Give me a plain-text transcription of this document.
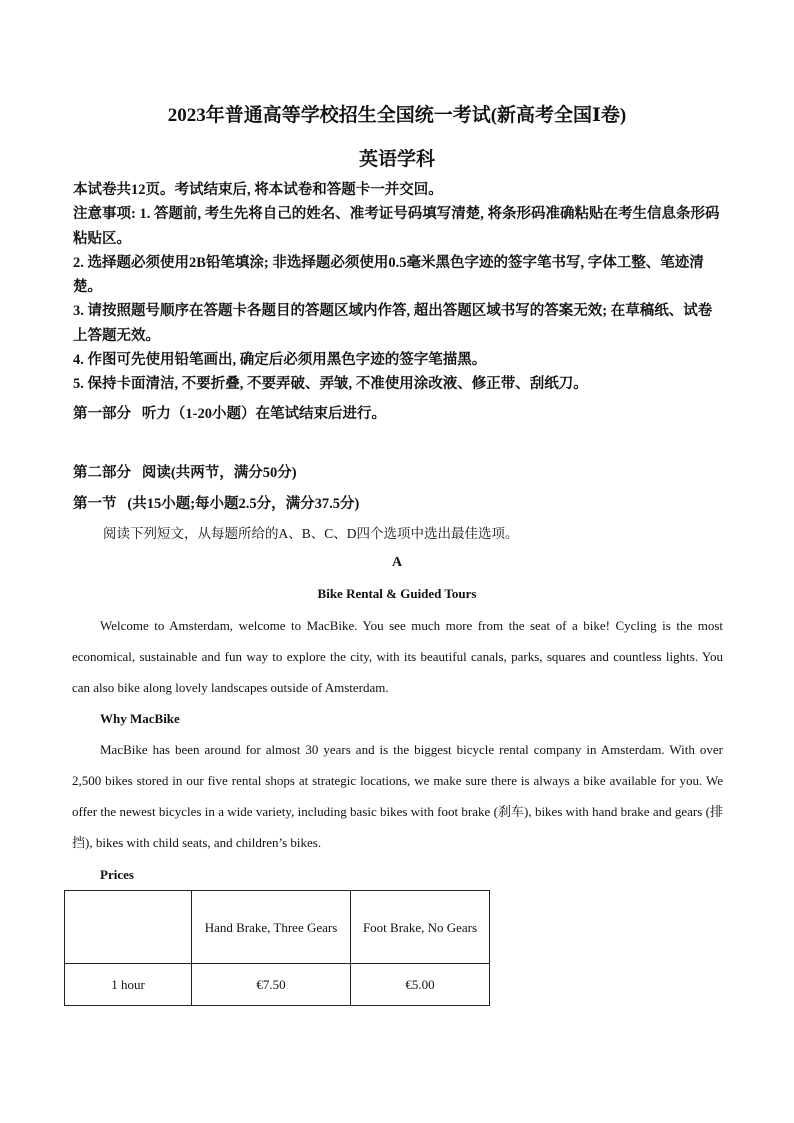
2023年普通高等学校招生全国统一考试(新高考全国Ⅰ卷)
英语学科

本试卷共12页。考试结束后, 将本试卷和答题卡一并交回。

注意事项: 1. 答题前, 考生先将自己的姓名、准考证号码填写清楚, 将条形码准确粘贴在考生信息条形码粘贴区。

2. 选择题必须使用2B铅笔填涂; 非选择题必须使用0.5毫米黑色字迹的签字笔书写, 字体工整、笔迹清楚。

3. 请按照题号顺序在答题卡各题目的答题区域内作答, 超出答题区域书写的答案无效; 在草稿纸、试卷上答题无效。

4. 作图可先使用铅笔画出, 确定后必须用黑色字迹的签字笔描黑。

5. 保持卡面清洁, 不要折叠, 不要弄破、弄皱, 不准使用涂改液、修正带、刮纸刀。

第一部分   听力（1-20小题）在笔试结束后进行。
第二部分   阅读(共两节，满分50分)
第一节   (共15小题;每小题2.5分，满分37.5分)
阅读下列短文，从每题所给的A、B、C、D四个选项中选出最佳选项。
A
Bike Rental & Guided Tours

Welcome to Amsterdam, welcome to MacBike. You see much more from the seat of a bike! Cycling is the most economical, sustainable and fun way to explore the city, with its beautiful canals, parks, squares and countless lights. You can also bike along lovely landscapes outside of Amsterdam.

Why MacBike

MacBike has been around for almost 30 years and is the biggest bicycle rental company in Amsterdam. With over 2,500 bikes stored in our five rental shops at strategic locations, we make sure there is always a bike available for you. We offer the newest bicycles in a wide variety, including basic bikes with foot brake (刹车), bikes with hand brake and gears (排挡), bikes with child seats, and children’s bikes.

Prices
	Hand Brake, Three Gears	Foot Brake, No Gears
1 hour	€7.50	€5.00
